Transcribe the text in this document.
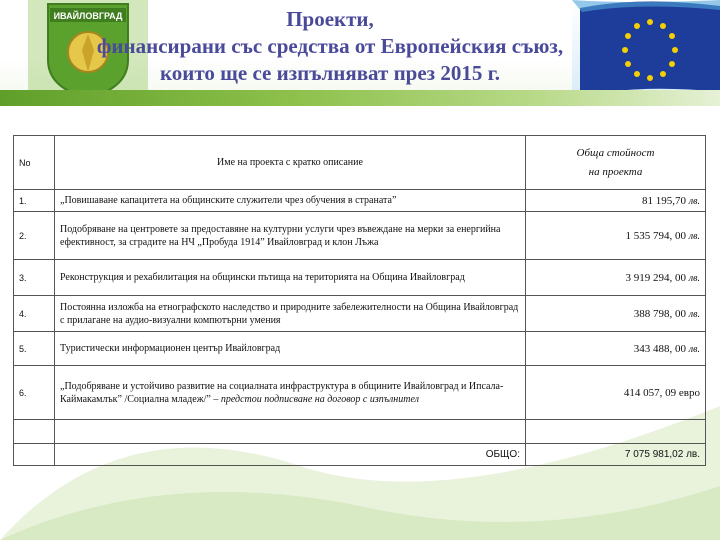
ИВАЙЛОВГРАД	Проекти,
финансирани със средства от Европейския съюз,
които ще се изпълняват през 2015 г.
No	Име на проекта с кратко описание	Обща стойност
на проекта

1.	„Повишаване капацитета на общинските служители чрез обучения в страната”	81 195,70 лв.
2.	Подобряване на центровете за предоставяне на културни услуги чрез въвеждане на мерки за енергийна ефективност, за сградите на НЧ „Пробуда 1914” Ивайловград и клон Лъжа	1 535 794, 00 лв.
3.	Реконструкция и рехабилитация на общински пътища на територията на Община Ивайловград	3 919 294, 00 лв.
4.	Постоянна изложба на етнографското наследство и природните забележителности на Община Ивайловград с прилагане на аудио-визуални компютърни умения	388 798, 00 лв.
5.	Туристически информационен център Ивайловград	343 488, 00 лв.
6.	„Подобряване и устойчиво развитие на социалната инфраструктура в общините Ивайловград и Ипсала-Каймакамлък” /Социална младеж/” – предстои подписване на договор с изпълнител	414 057, 09 евро

	ОБЩО:	7 075 981,02 лв.
